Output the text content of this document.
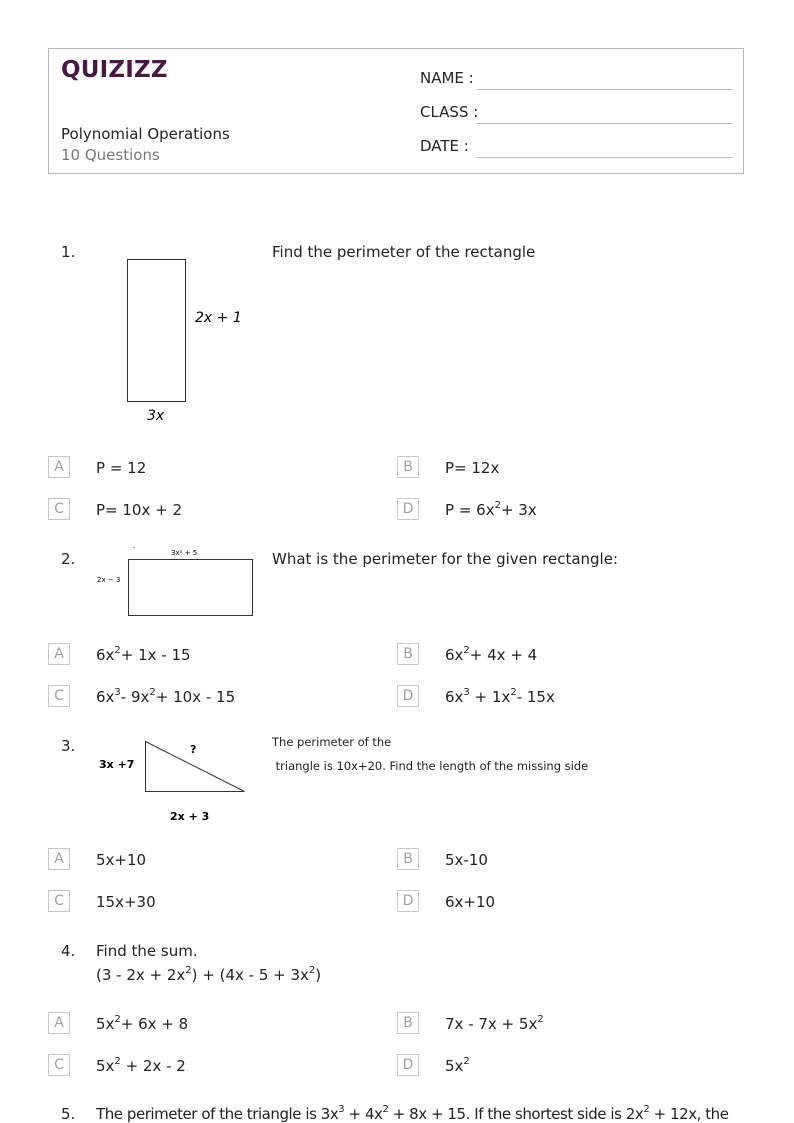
QUIZIZZ
Polynomial Operations
10 Questions
NAME :
CLASS :
DATE :
1.
2x + 1
3x
Find the perimeter of the rectangle
A	P = 12	B	P= 12x
C	P= 10x + 2	D	$P = 6x^2+ 3x$
2.
-
3x² + 5
2x − 3
What is the perimeter for the given rectangle:
A	$6x^2+ 1x - 15$	B	$6x^2+ 4x + 4$
C	$6x^3-$ $9x^2+ 10x - 15$	D	$6x^3 + 1x^2-$ 15x
3.
3x +7
?
2x + 3
The perimeter of the
triangle is 10x+20. Find the length of the missing side
A	5x+10	B	5x-10
C	15x+30	D	6x+10
4. Find the sum.
$(3 - 2x + 2x^2) + (4x - 5 + 3x^2)$
A	$5x^2+ 6x + 8$	B	$7x - 7x + 5x^2$
C	$5x^2 + 2x - 2$	D	$5x^2$
5. The perimeter of the triangle is $3x^3 + 4x^2 + 8x + 15$. If the shortest side is $2x^2 + 12x$, the
